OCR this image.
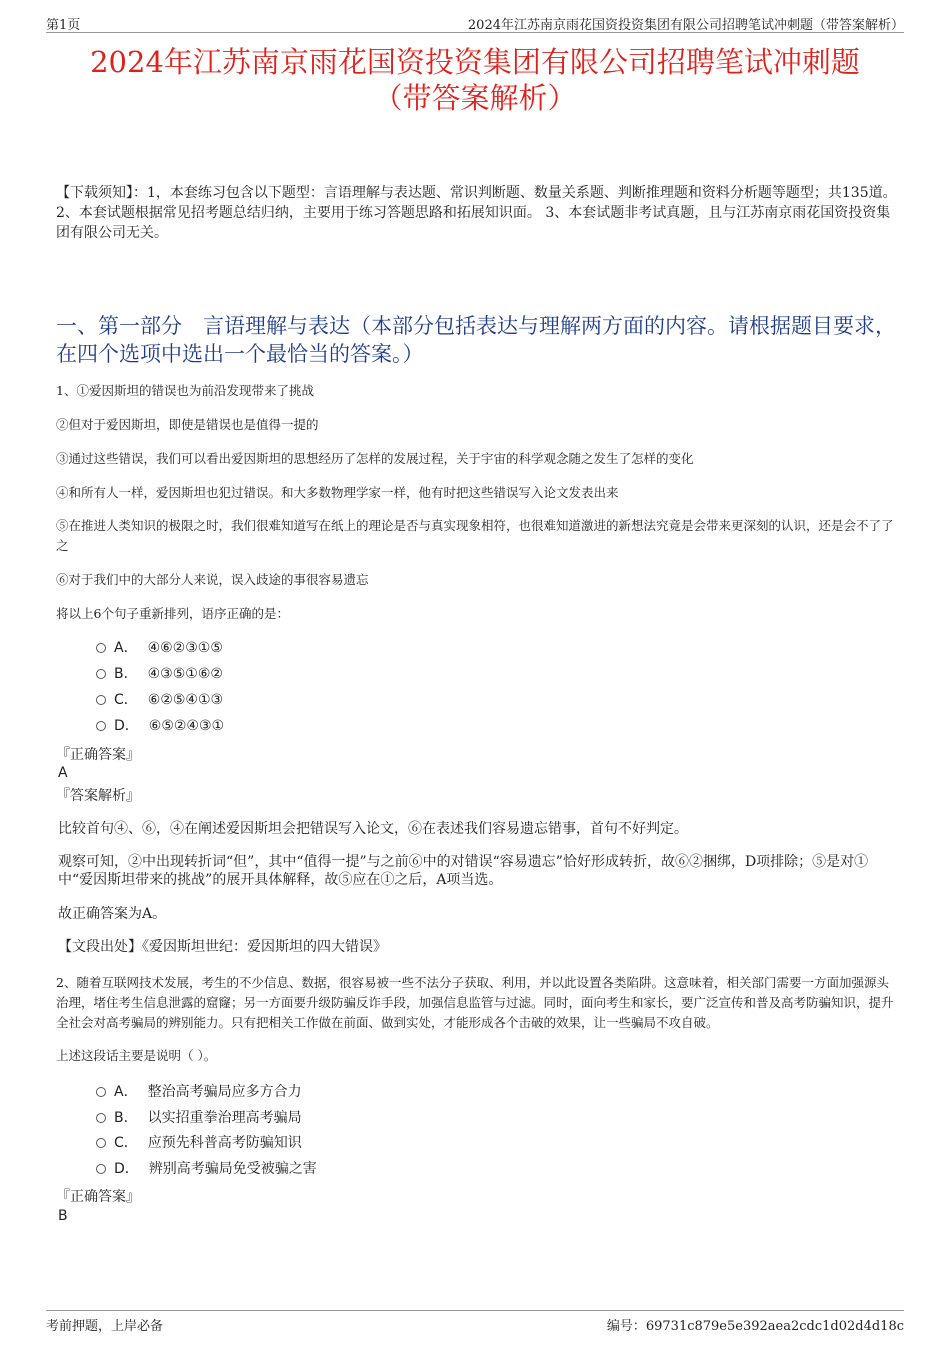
第1页	2024年江苏南京雨花国资投资集团有限公司招聘笔试冲刺题（带答案解析）
2024年江苏南京雨花国资投资集团有限公司招聘笔试冲刺题
（带答案解析）
【下载须知】：1，本套练习包含以下题型：言语理解与表达题、常识判断题、数量关系题、判断推理题和资料分析题等题型；共135道。 2、本套试题根据常见招考题总结归纳，主要用于练习答题思路和拓展知识面。 3、本套试题非考试真题，且与江苏南京雨花国资投资集团有限公司无关。
一、第一部分　言语理解与表达（本部分包括表达与理解两方面的内容。请根据题目要求，在四个选项中选出一个最恰当的答案。）
1、①爱因斯坦的错误也为前沿发现带来了挑战
②但对于爱因斯坦，即使是错误也是值得一提的
③通过这些错误，我们可以看出爱因斯坦的思想经历了怎样的发展过程，关于宇宙的科学观念随之发生了怎样的变化
④和所有人一样，爱因斯坦也犯过错误。和大多数物理学家一样，他有时把这些错误写入论文发表出来
⑤在推进人类知识的极限之时，我们很难知道写在纸上的理论是否与真实现象相符，也很难知道激进的新想法究竟是会带来更深刻的认识，还是会不了了之
⑥对于我们中的大部分人来说，误入歧途的事很容易遗忘
将以上6个句子重新排列，语序正确的是：
A． ④⑥②③①⑤
B． ④③⑤①⑥②
C． ⑥②⑤④①③
D． ⑥⑤②④③①
『正确答案』
A
『答案解析』
比较首句④、⑥，④在阐述爱因斯坦会把错误写入论文，⑥在表述我们容易遗忘错事，首句不好判定。
观察可知，②中出现转折词“但”，其中“值得一提”与之前⑥中的对错误“容易遗忘”恰好形成转折，故⑥②捆绑，D项排除；⑤是对①中“爱因斯坦带来的挑战”的展开具体解释，故⑤应在①之后，A项当选。
故正确答案为A。
【文段出处】《爱因斯坦世纪：爱因斯坦的四大错误》
2、随着互联网技术发展，考生的不少信息、数据，很容易被一些不法分子获取、利用，并以此设置各类陷阱。这意味着，相关部门需要一方面加强源头治理，堵住考生信息泄露的窟窿；另一方面要升级防骗反诈手段，加强信息监管与过滤。同时，面向考生和家长，要广泛宣传和普及高考防骗知识，提升全社会对高考骗局的辨别能力。只有把相关工作做在前面、做到实处，才能形成各个击破的效果，让一些骗局不攻自破。
上述这段话主要是说明（ ）。
A． 整治高考骗局应多方合力
B． 以实招重拳治理高考骗局
C． 应预先科普高考防骗知识
D． 辨别高考骗局免受被骗之害
『正确答案』
B
考前押题，上岸必备	编号：69731c879e5e392aea2cdc1d02d4d18c
